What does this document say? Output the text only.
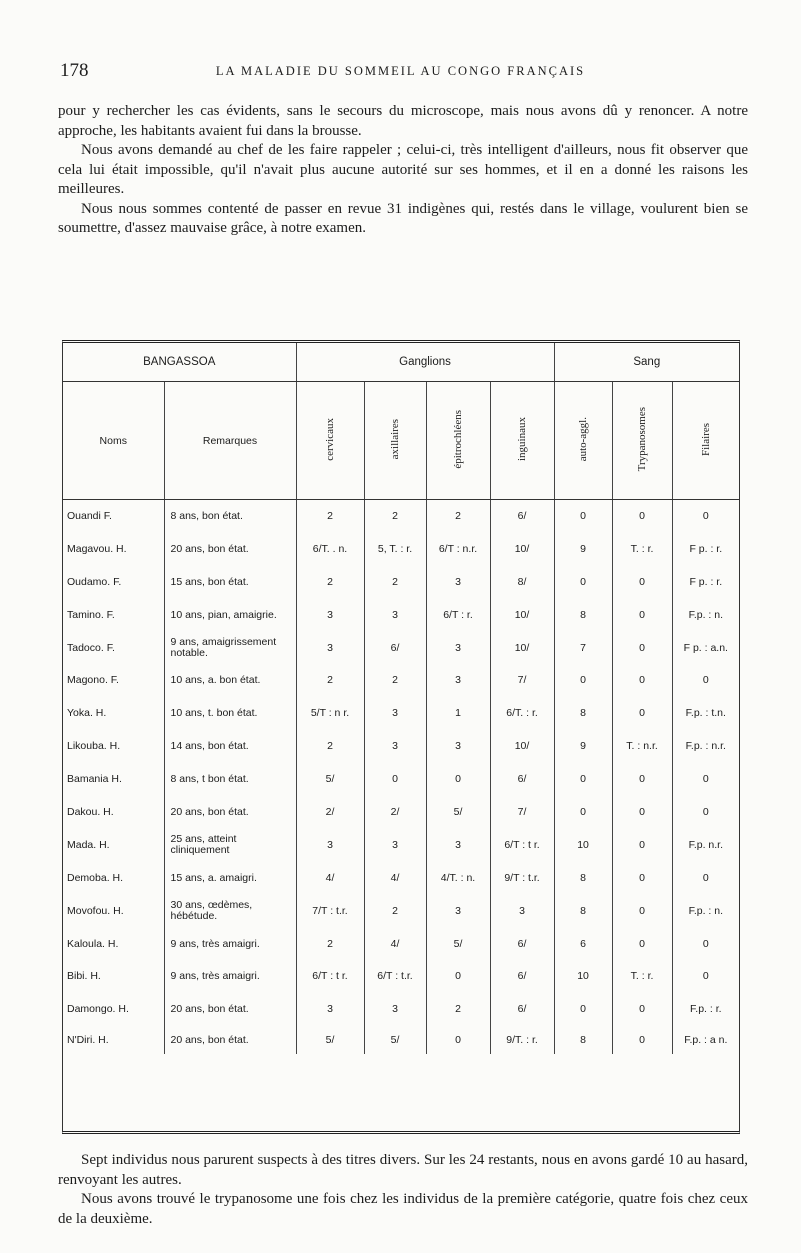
178	LA MALADIE DU SOMMEIL AU CONGO FRANÇAIS

pour y rechercher les cas évidents, sans le secours du microscope, mais nous avons dû y renoncer. A notre approche, les habitants avaient fui dans la brousse.

Nous avons demandé au chef de les faire rappeler ; celui-ci, très intelligent d'ailleurs, nous fit observer que cela lui était impossible, qu'il n'avait plus aucune autorité sur ses hommes, et il en a donné les raisons les meilleures.

Nous nous sommes contenté de passer en revue 31 indigènes qui, restés dans le village, voulurent bien se soumettre, d'assez mauvaise grâce, à notre examen.

BANGASSOA		Ganglions				Sang		
Noms	Remarques	cervicaux	axillaires	épitrochléens	inguinaux	auto-aggl.	Trypanosomes	Filaires
Ouandi F.	8 ans, bon état.	2	2	2	6/	0	0	0
Magavou. H.	20 ans, bon état.	6/T. . n.	5, T. : r.	6/T : n.r.	10/	9	T. : r.	F p. : r.
Oudamo. F.	15 ans, bon état.	2	2	3	8/	0	0	F p. : r.
Tamino. F.	10 ans, pian, amaigrie.	3	3	6/T : r.	10/	8	0	F.p. : n.
Tadoco. F.	9 ans, amaigrissement notable.	3	6/	3	10/	7	0	F p. : a.n.
Magono. F.	10 ans, a. bon état.	2	2	3	7/	0	0	0
Yoka. H.	10 ans, t. bon état.	5/T : n r.	3	1	6/T. : r.	8	0	F.p. : t.n.
Likouba. H.	14 ans, bon état.	2	3	3	10/	9	T. : n.r.	F.p. : n.r.
Bamania H.	8 ans, t bon état.	5/	0	0	6/	0	0	0
Dakou. H.	20 ans, bon état.	2/	2/	5/	7/	0	0	0
Mada. H.	25 ans, atteint cliniquement	3	3	3	6/T : t r.	10	0	F.p. n.r.
Demoba. H.	15 ans, a. amaigri.	4/	4/	4/T. : n.	9/T : t.r.	8	0	0
Movofou. H.	30 ans, œdèmes, hébétude.	7/T : t.r.	2	3	3	8	0	F.p. : n.
Kaloula. H.	9 ans, très amaigri.	2	4/	5/	6/	6	0	0
Bibi. H.	9 ans, très amaigri.	6/T : t r.	6/T : t.r.	0	6/	10	T. : r.	0
Damongo. H.	20 ans, bon état.	3	3	2	6/	0	0	F.p. : r.
N'Diri. H.	20 ans, bon état.	5/	5/	0	9/T. : r.	8	0	F.p. : a n.

Sept individus nous parurent suspects à des titres divers. Sur les 24 restants, nous en avons gardé 10 au hasard, renvoyant les autres.

Nous avons trouvé le trypanosome une fois chez les individus de la première catégorie, quatre fois chez ceux de la deuxième.
